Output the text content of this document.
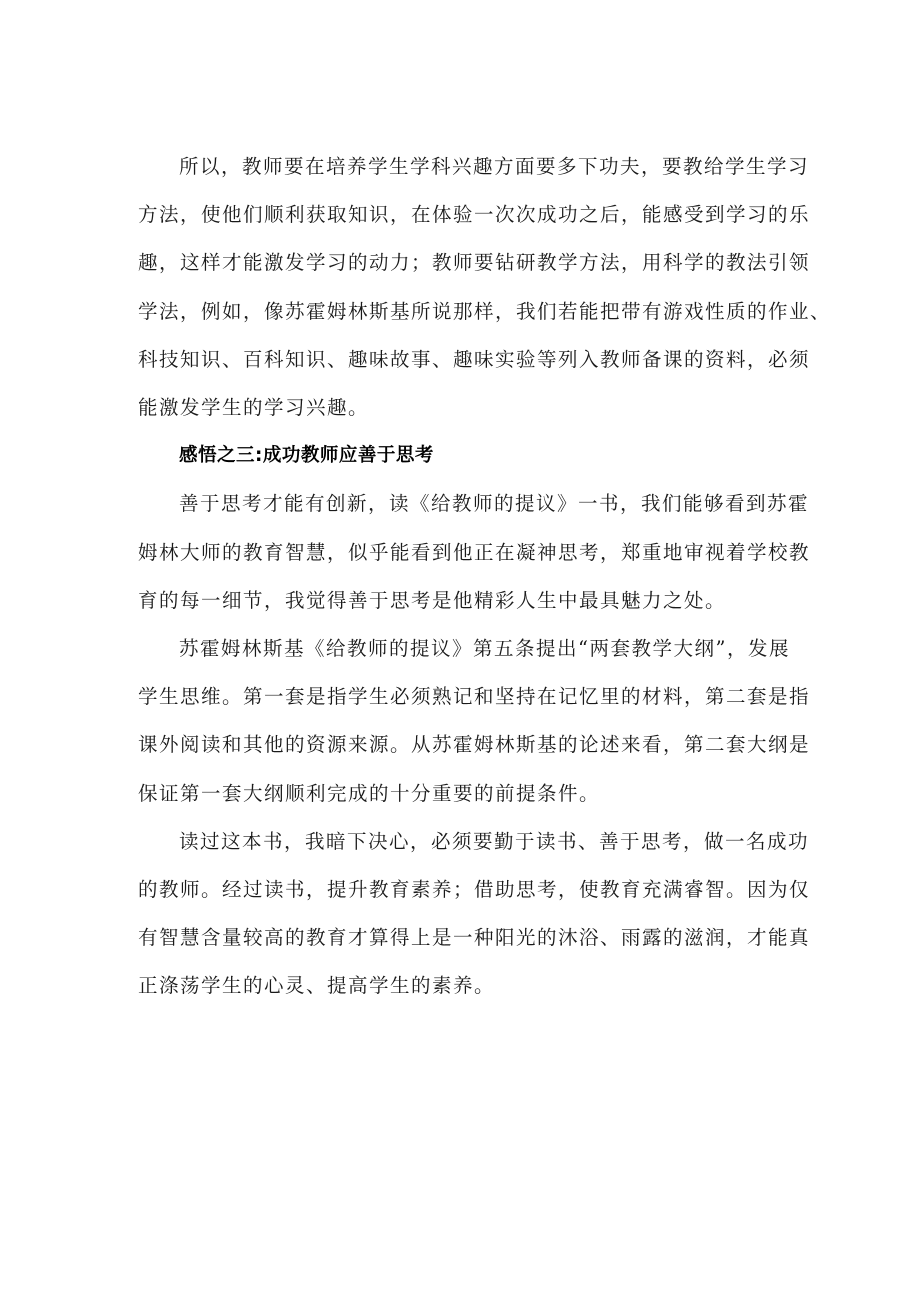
所以，教师要在培养学生学科兴趣方面要多下功夫，要教给学生学习
方法，使他们顺利获取知识，在体验一次次成功之后，能感受到学习的乐
趣，这样才能激发学习的动力；教师要钻研教学方法，用科学的教法引领
学法，例如，像苏霍姆林斯基所说那样，我们若能把带有游戏性质的作业、
科技知识、百科知识、趣味故事、趣味实验等列入教师备课的资料，必须
能激发学生的学习兴趣。

感悟之三:成功教师应善于思考

善于思考才能有创新，读《给教师的提议》一书，我们能够看到苏霍
姆林大师的教育智慧，似乎能看到他正在凝神思考，郑重地审视着学校教
育的每一细节，我觉得善于思考是他精彩人生中最具魅力之处。

苏霍姆林斯基《给教师的提议》第五条提出“两套教学大纲”，发展
学生思维。第一套是指学生必须熟记和坚持在记忆里的材料，第二套是指
课外阅读和其他的资源来源。从苏霍姆林斯基的论述来看，第二套大纲是
保证第一套大纲顺利完成的十分重要的前提条件。

读过这本书，我暗下决心，必须要勤于读书、善于思考，做一名成功
的教师。经过读书，提升教育素养；借助思考，使教育充满睿智。因为仅
有智慧含量较高的教育才算得上是一种阳光的沐浴、雨露的滋润，才能真
正涤荡学生的心灵、提高学生的素养。
